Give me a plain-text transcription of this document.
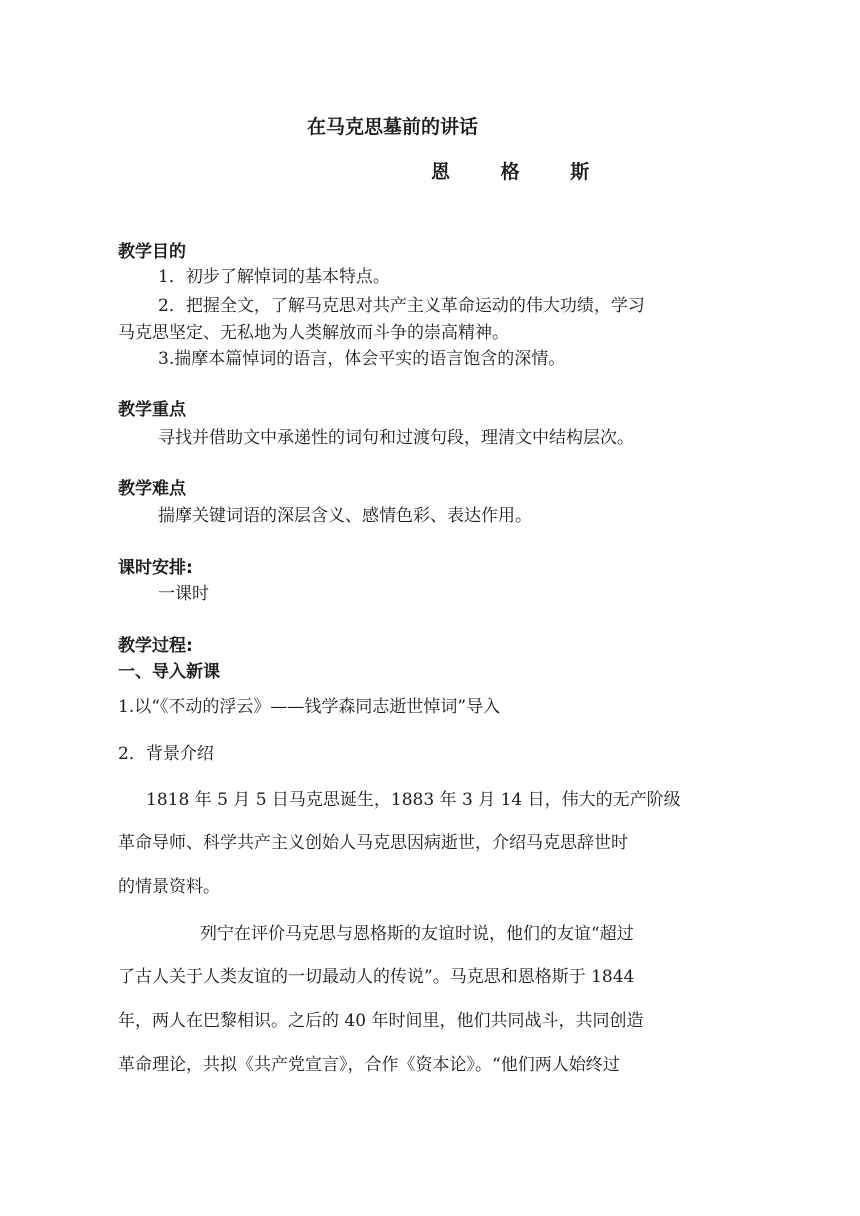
在马克思墓前的讲话
恩 格 斯
教学目的
1．初步了解悼词的基本特点。
2．把握全文，了解马克思对共产主义革命运动的伟大功绩，学习
马克思坚定、无私地为人类解放而斗争的崇高精神。
3.揣摩本篇悼词的语言，体会平实的语言饱含的深情。
教学重点
寻找并借助文中承递性的词句和过渡句段，理清文中结构层次。
教学难点
揣摩关键词语的深层含义、感情色彩、表达作用。
课时安排:
一课时
教学过程:
一、导入新课
1.以“《不动的浮云》——钱学森同志逝世悼词”导入
2．背景介绍
1818 年 5 月 5 日马克思诞生，1883 年 3 月 14 日，伟大的无产阶级
革命导师、科学共产主义创始人马克思因病逝世，介绍马克思辞世时
的情景资料。
列宁在评价马克思与恩格斯的友谊时说，他们的友谊“超过
了古人关于人类友谊的一切最动人的传说”。马克思和恩格斯于 1844
年，两人在巴黎相识。之后的 40 年时间里，他们共同战斗，共同创造
革命理论，共拟《共产党宣言》，合作《资本论》。“他们两人始终过
